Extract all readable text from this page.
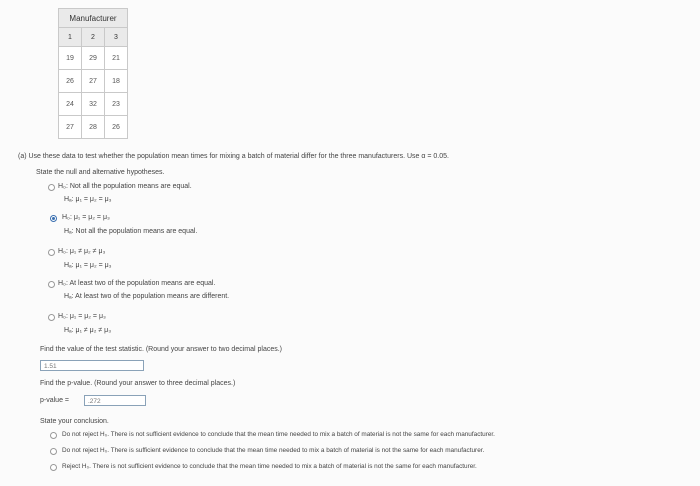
Manufacturer		
1	2	3
19	29	21
26	27	18
24	32	23
27	28	26
(a) Use these data to test whether the population mean times for mixing a batch of material differ for the three manufacturers. Use α = 0.05.
State the null and alternative hypotheses.
H₀: Not all the population means are equal.
Hₐ: μ₁ = μ₂ = μ₃
H₀: μ₁ = μ₂ = μ₃
Hₐ: Not all the population means are equal.
H₀: μ₁ ≠ μ₂ ≠ μ₃
Hₐ: μ₁ = μ₂ = μ₃
H₀: At least two of the population means are equal.
Hₐ: At least two of the population means are different.
H₀: μ₁ = μ₂ = μ₃
Hₐ: μ₁ ≠ μ₂ ≠ μ₃
Find the value of the test statistic. (Round your answer to two decimal places.)
1.51
Find the p-value. (Round your answer to three decimal places.)
p-value =	.272
State your conclusion.
Do not reject H₀. There is not sufficient evidence to conclude that the mean time needed to mix a batch of material is not the same for each manufacturer.
Do not reject H₀. There is sufficient evidence to conclude that the mean time needed to mix a batch of material is not the same for each manufacturer.
Reject H₀. There is not sufficient evidence to conclude that the mean time needed to mix a batch of material is not the same for each manufacturer.
